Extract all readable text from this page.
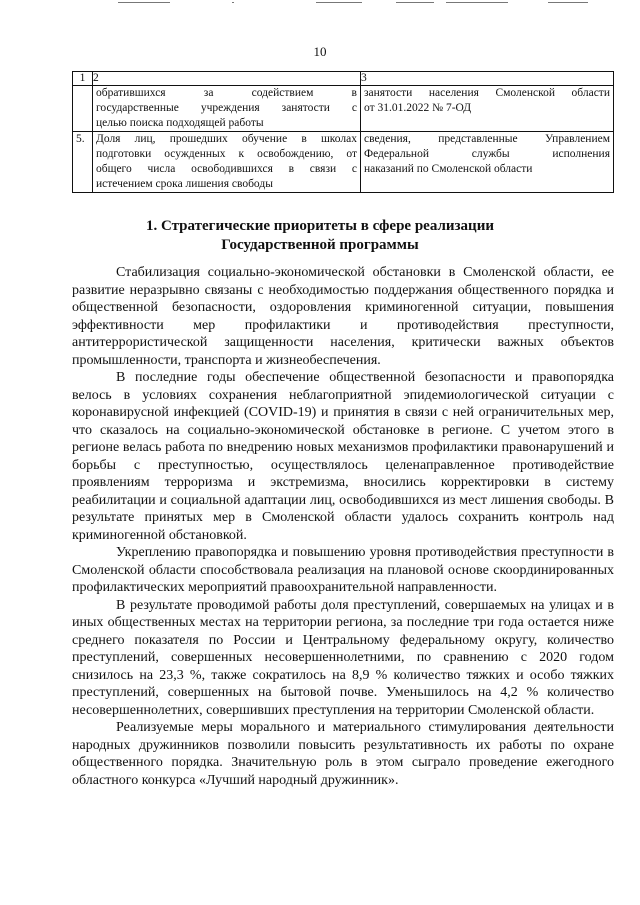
10
1	2	3

	обратившихся за содействием в
государственные учреждения занятости с
целью поиска подходящей работы	занятости населения Смоленской области
от 31.01.2022 № 7-ОД

5.	Доля лиц, прошедших обучение в школах
подготовки осужденных к освобождению, от
общего числа освободившихся в связи с
истечением срока лишения свободы	сведения, представленные Управлением
Федеральной службы исполнения
наказаний по Смоленской области
1. Стратегические приоритеты в сфере реализации
Государственной программы

Стабилизация социально-экономической обстановки в Смоленской области, ее развитие неразрывно связаны с необходимостью поддержания общественного порядка и общественной безопасности, оздоровления криминогенной ситуации, повышения эффективности мер профилактики и противодействия преступности, антитеррористической защищенности населения, критически важных объектов промышленности, транспорта и жизнеобеспечения.

В последние годы обеспечение общественной безопасности и правопорядка велось в условиях сохранения неблагоприятной эпидемиологической ситуации с коронавирусной инфекцией (COVID-19) и принятия в связи с ней ограничительных мер, что сказалось на социально-экономической обстановке в регионе. С учетом этого в регионе велась работа по внедрению новых механизмов профилактики правонарушений и борьбы с преступностью, осуществлялось целенаправленное противодействие проявлениям терроризма и экстремизма, вносились корректировки в систему реабилитации и социальной адаптации лиц, освободившихся из мест лишения свободы. В результате принятых мер в Смоленской области удалось сохранить контроль над криминогенной обстановкой.

Укреплению правопорядка и повышению уровня противодействия преступности в Смоленской области способствовала реализация на плановой основе скоординированных профилактических мероприятий правоохранительной направленности.

В результате проводимой работы доля преступлений, совершаемых на улицах и в иных общественных местах на территории региона, за последние три года остается ниже среднего показателя по России и Центральному федеральному округу, количество преступлений, совершенных несовершеннолетними, по сравнению с 2020 годом снизилось на 23,3 %, также сократилось на 8,9 % количество тяжких и особо тяжких преступлений, совершенных на бытовой почве. Уменьшилось на 4,2 % количество несовершеннолетних, совершивших преступления на территории Смоленской области.

Реализуемые меры морального и материального стимулирования деятельности народных дружинников позволили повысить результативность их работы по охране общественного порядка. Значительную роль в этом сыграло проведение ежегодного областного конкурса «Лучший народный дружинник».
